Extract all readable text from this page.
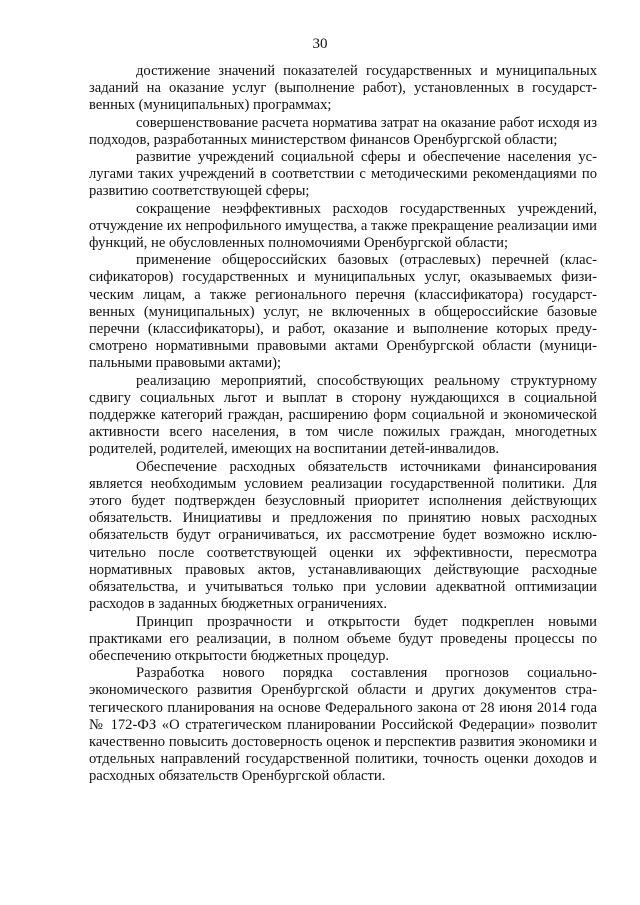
30

достижение значений показателей государственных и муниципальных заданий на оказание услуг (выполнение работ), установленных в государственных (муниципальных) программах;

совершенствование расчета норматива затрат на оказание работ исходя из подходов, разработанных министерством финансов Оренбургской области;

развитие учреждений социальной сферы и обеспечение населения услугами таких учреждений в соответствии с методическими рекомендациями по развитию соответствующей сферы;

сокращение неэффективных расходов государственных учреждений, отчуждение их непрофильного имущества, а также прекращение реализации ими функций, не обусловленных полномочиями Оренбургской области;

применение общероссийских базовых (отраслевых) перечней (классификаторов) государственных и муниципальных услуг, оказываемых физическим лицам, а также регионального перечня (классификатора) государственных (муниципальных) услуг, не включенных в общероссийские базовые перечни (классификаторы), и работ, оказание и выполнение которых предусмотрено нормативными правовыми актами Оренбургской области (муниципальными правовыми актами);

реализацию мероприятий, способствующих реальному структурному сдвигу социальных льгот и выплат в сторону нуждающихся в социальной поддержке категорий граждан, расширению форм социальной и экономической активности всего населения, в том числе пожилых граждан, многодетных родителей, родителей, имеющих на воспитании детей-инвалидов.

Обеспечение расходных обязательств источниками финансирования является необходимым условием реализации государственной политики. Для этого будет подтвержден безусловный приоритет исполнения действующих обязательств. Инициативы и предложения по принятию новых расходных обязательств будут ограничиваться, их рассмотрение будет возможно исключительно после соответствующей оценки их эффективности, пересмотра нормативных правовых актов, устанавливающих действующие расходные обязательства, и учитываться только при условии адекватной оптимизации расходов в заданных бюджетных ограничениях.

Принцип прозрачности и открытости будет подкреплен новыми практиками его реализации, в полном объеме будут проведены процессы по обеспечению открытости бюджетных процедур.

Разработка нового порядка составления прогнозов социально-экономического развития Оренбургской области и других документов стратегического планирования на основе Федерального закона от 28 июня 2014 года № 172-ФЗ «О стратегическом планировании Российской Федерации» позволит качественно повысить достоверность оценок и перспектив развития экономики и отдельных направлений государственной политики, точность оценки доходов и расходных обязательств Оренбургской области.
